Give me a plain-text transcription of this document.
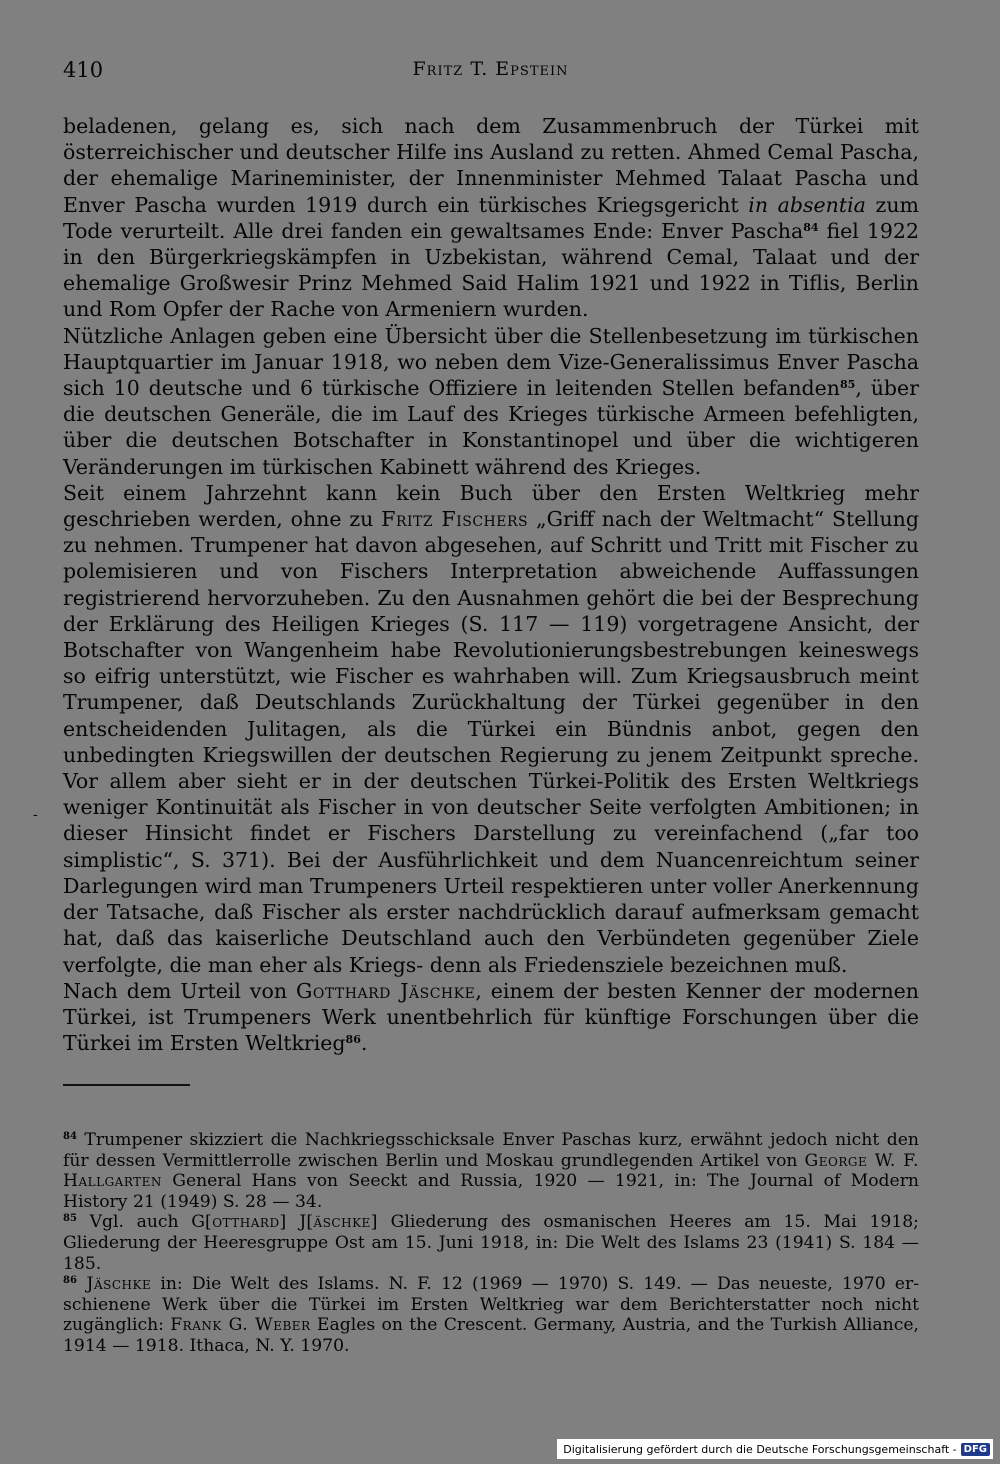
410	Fritz T. Epstein

beladenen, gelang es, sich nach dem Zusammenbruch der Türkei mit österreichischer und deutscher Hilfe ins Ausland zu retten. Ahmed Cemal Pascha, der ehemalige Marineminister, der Innenminister Mehmed Talaat Pascha und Enver Pascha wurden 1919 durch ein türkisches Kriegsgericht in absentia zum Tode verurteilt. Alle drei fanden ein gewaltsames Ende: Enver Pascha$^{84}$ fiel 1922 in den Bürgerkriegskämpfen in Uzbekistan, während Cemal, Talaat und der ehemalige Großwesir Prinz Mehmed Said Halim 1921 und 1922 in Tiflis, Berlin und Rom Opfer der Rache von Armeniern wurden.

Nützliche Anlagen geben eine Übersicht über die Stellenbesetzung im türkischen Hauptquartier im Januar 1918, wo neben dem Vize-Generalissimus Enver Pascha sich 10 deutsche und 6 türkische Offiziere in leitenden Stellen befanden$^{85}$, über die deutschen Generäle, die im Lauf des Krieges türkische Armeen befehligten, über die deutschen Botschafter in Konstantinopel und über die wichtigeren Veränderungen im türkischen Kabinett während des Krieges.

Seit einem Jahrzehnt kann kein Buch über den Ersten Weltkrieg mehr geschrieben werden, ohne zu Fritz Fischers „Griff nach der Weltmacht“ Stellung zu nehmen. Trumpener hat davon abgesehen, auf Schritt und Tritt mit Fischer zu polemisieren und von Fischers Interpretation abweichende Auffassungen registrierend hervorzuheben. Zu den Ausnahmen gehört die bei der Besprechung der Erklärung des Heiligen Krieges (S. 117 — 119) vorgetragene Ansicht, der Botschafter von Wangenheim habe Revolutionierungsbestrebungen keineswegs so eifrig unterstützt, wie Fischer es wahrhaben will. Zum Kriegsausbruch meint Trumpener, daß Deutschlands Zurückhaltung der Türkei gegenüber in den entscheidenden Julitagen, als die Türkei ein Bündnis anbot, gegen den unbedingten Kriegswillen der deutschen Regierung zu jenem Zeitpunkt spreche. Vor allem aber sieht er in der deutschen Türkei-Politik des Ersten Weltkriegs weniger Kontinuität als Fischer in von deutscher Seite verfolgten Ambitionen; in dieser Hinsicht findet er Fischers Darstellung zu vereinfachend („far too simplistic“, S. 371). Bei der Ausführlichkeit und dem Nuancenreichtum seiner Darlegungen wird man Trumpeners Urteil respektieren unter voller Anerkennung der Tatsache, daß Fischer als erster nachdrücklich darauf aufmerksam gemacht hat, daß das kaiserliche Deutschland auch den Verbündeten gegenüber Ziele verfolgte, die man eher als Kriegs- denn als Friedensziele bezeichnen muß.

Nach dem Urteil von Gotthard Jäschke, einem der besten Kenner der modernen Türkei, ist Trumpeners Werk unentbehrlich für künftige Forschungen über die Türkei im Ersten Weltkrieg$^{86}$.

-

$^{84}$ Trumpener skizziert die Nachkriegsschicksale Enver Paschas kurz, erwähnt jedoch nicht den für dessen Vermittlerrolle zwischen Berlin und Moskau grundlegenden Artikel von George W. F. Hallgarten General Hans von Seeckt and Russia, 1920 — 1921, in: The Journal of Modern History 21 (1949) S. 28 — 34.

$^{85}$ Vgl. auch G[otthard] J[äschke] Gliederung des osmanischen Heeres am 15. Mai 1918; Gliederung der Heeresgruppe Ost am 15. Juni 1918, in: Die Welt des Islams 23 (1941) S. 184 — 185.

$^{86}$ Jäschke in: Die Welt des Islams. N. F. 12 (1969 — 1970) S. 149. — Das neueste, 1970 erschienene Werk über die Türkei im Ersten Weltkrieg war dem Berichterstatter noch nicht zugänglich: Frank G. Weber Eagles on the Crescent. Germany, Austria, and the Turkish Alliance, 1914 — 1918. Ithaca, N. Y. 1970.

Digitalisierung gefördert durch die Deutsche Forschungsgemeinschaft - DFG
